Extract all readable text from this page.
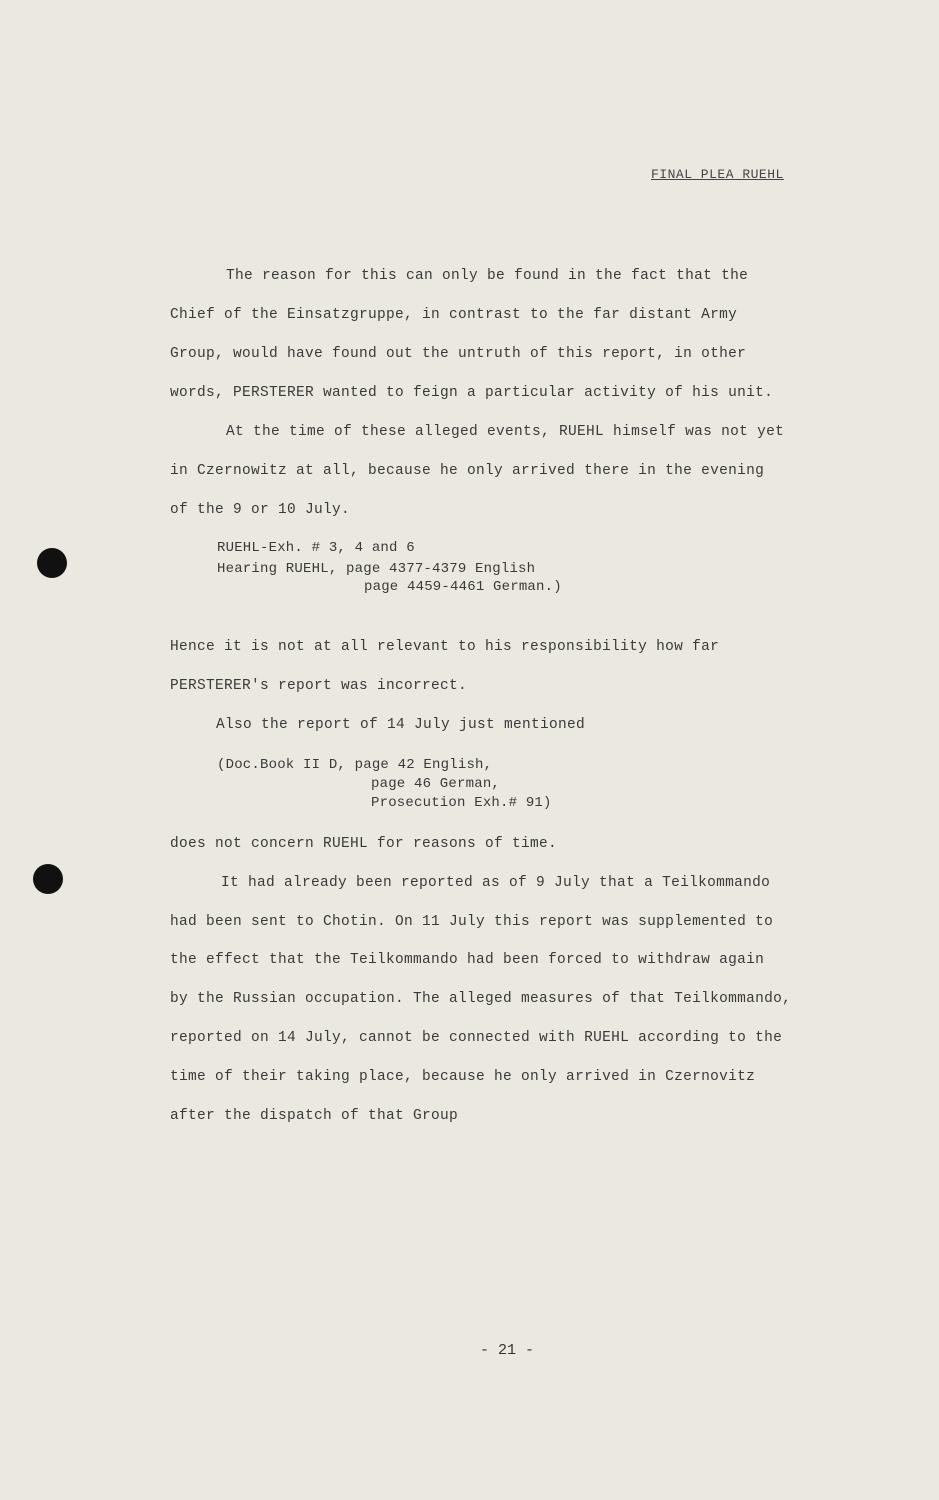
FINAL PLEA RUEHL
The reason for this can only be found in the fact that the
Chief of the Einsatzgruppe, in contrast to the far distant Army
Group, would have found out the untruth of this report, in other
words, PERSTERER wanted to feign a particular activity of his unit.
At the time of these alleged events, RUEHL himself was not yet
in Czernowitz at all, because he only arrived there in the evening
of the 9 or 10 July.
RUEHL-Exh. # 3, 4 and 6
Hearing RUEHL, page 4377-4379 English
page 4459-4461 German.)
Hence it is not at all relevant to his responsibility how far
PERSTERER's report was incorrect.
Also the report of 14 July just mentioned
(Doc.Book II D, page 42 English,
page 46 German,
Prosecution Exh.# 91)
does not concern RUEHL for reasons of time.
It had already been reported as of 9 July that a Teilkommando
had been sent to Chotin. On 11 July this report was supplemented to
the effect that the Teilkommando had been forced to withdraw again
by the Russian occupation. The alleged measures of that Teilkommando,
reported on 14 July, cannot be connected with RUEHL according to the
time of their taking place, because he only arrived in Czernovitz
after the dispatch of that Group
- 21 -
